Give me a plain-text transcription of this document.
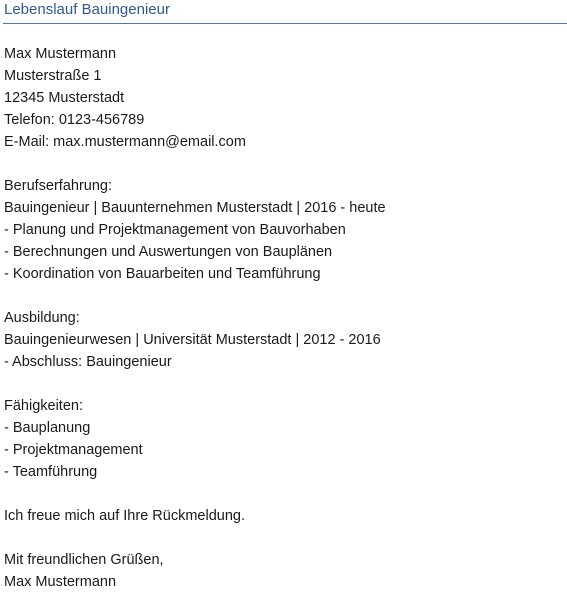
Lebenslauf Bauingenieur
Max Mustermann
Musterstraße 1
12345 Musterstadt
Telefon: 0123-456789
E-Mail: max.mustermann@email.com
Berufserfahrung:
Bauingenieur | Bauunternehmen Musterstadt | 2016 - heute
- Planung und Projektmanagement von Bauvorhaben
- Berechnungen und Auswertungen von Bauplänen
- Koordination von Bauarbeiten und Teamführung
Ausbildung:
Bauingenieurwesen | Universität Musterstadt | 2012 - 2016
- Abschluss: Bauingenieur
Fähigkeiten:
- Bauplanung
- Projektmanagement
- Teamführung
Ich freue mich auf Ihre Rückmeldung.
Mit freundlichen Grüßen,
Max Mustermann
